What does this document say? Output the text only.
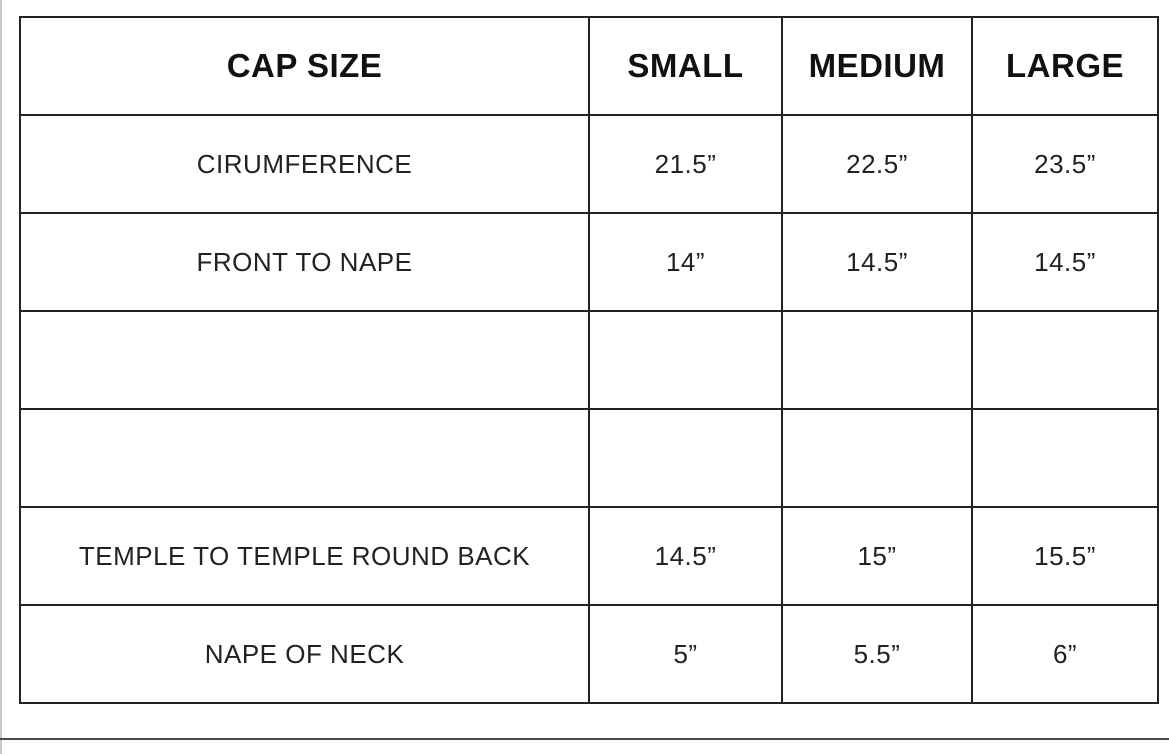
CAP SIZE	SMALL	MEDIUM	LARGE
CIRUMFERENCE	21.5”	22.5”	23.5”
FRONT TO NAPE	14”	14.5”	14.5”

TEMPLE TO TEMPLE ROUND BACK	14.5”	15”	15.5”
NAPE OF NECK	5”	5.5”	6”
